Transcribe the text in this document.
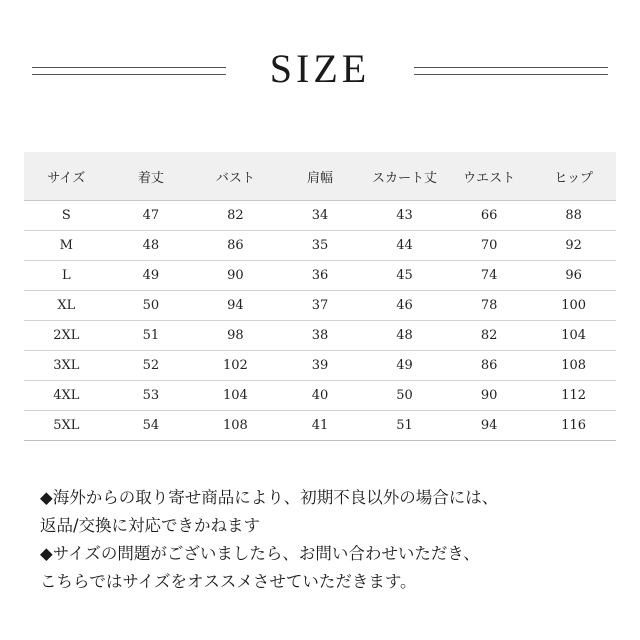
SIZE
サイズ	着丈	バスト	肩幅	スカート丈	ウエスト	ヒップ
S	47	82	34	43	66	88
M	48	86	35	44	70	92
L	49	90	36	45	74	96
XL	50	94	37	46	78	100
2XL	51	98	38	48	82	104
3XL	52	102	39	49	86	108
4XL	53	104	40	50	90	112
5XL	54	108	41	51	94	116
◆海外からの取り寄せ商品により、初期不良以外の場合には、
返品/交換に対応できかねます
◆サイズの問題がございましたら、お問い合わせいただき、
こちらではサイズをオススメさせていただきます。
